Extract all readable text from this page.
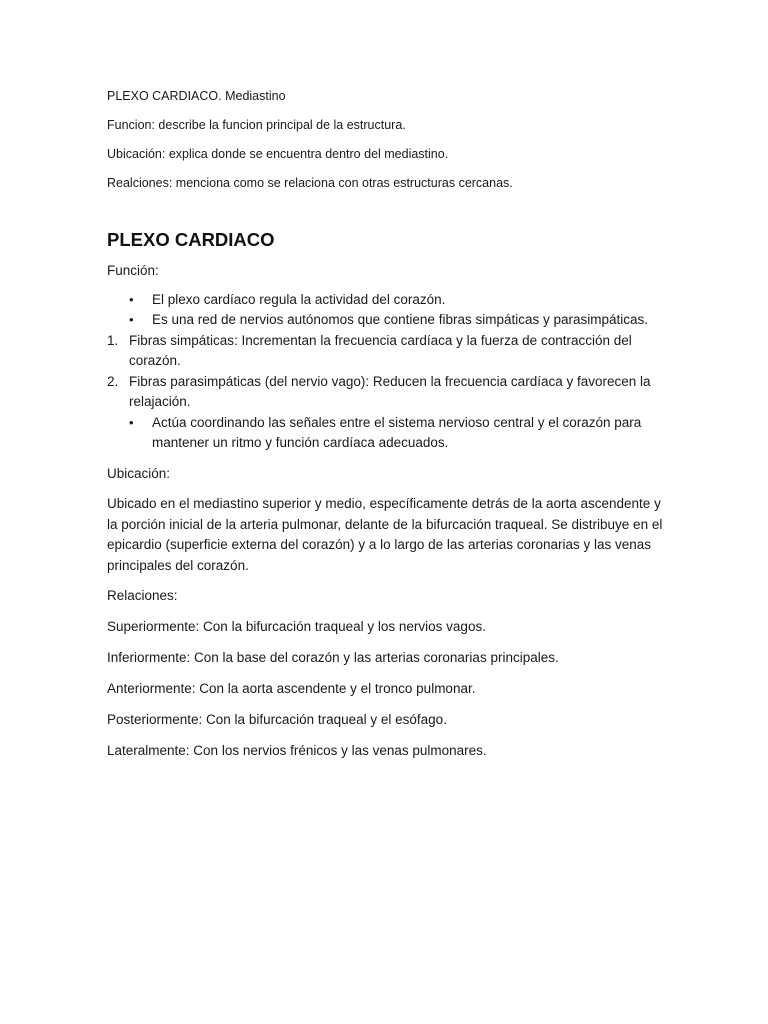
PLEXO CARDIACO. Mediastino

Funcion: describe la funcion principal de la estructura.

Ubicación: explica donde se encuentra dentro del mediastino.

Realciones: menciona como se relaciona con otras estructuras cercanas.

PLEXO CARDIACO

Función:

• El plexo cardíaco regula la actividad del corazón.
• Es una red de nervios autónomos que contiene fibras simpáticas y parasimpáticas.
1. Fibras simpáticas: Incrementan la frecuencia cardíaca y la fuerza de contracción del corazón.
2. Fibras parasimpáticas (del nervio vago): Reducen la frecuencia cardíaca y favorecen la relajación.
• Actúa coordinando las señales entre el sistema nervioso central y el corazón para mantener un ritmo y función cardíaca adecuados.

Ubicación:

Ubicado en el mediastino superior y medio, específicamente detrás de la aorta ascendente y la porción inicial de la arteria pulmonar, delante de la bifurcación traqueal. Se distribuye en el epicardio (superficie externa del corazón) y a lo largo de las arterias coronarias y las venas principales del corazón.

Relaciones:

Superiormente: Con la bifurcación traqueal y los nervios vagos.

Inferiormente: Con la base del corazón y las arterias coronarias principales.

Anteriormente: Con la aorta ascendente y el tronco pulmonar.

Posteriormente: Con la bifurcación traqueal y el esófago.

Lateralmente: Con los nervios frénicos y las venas pulmonares.
